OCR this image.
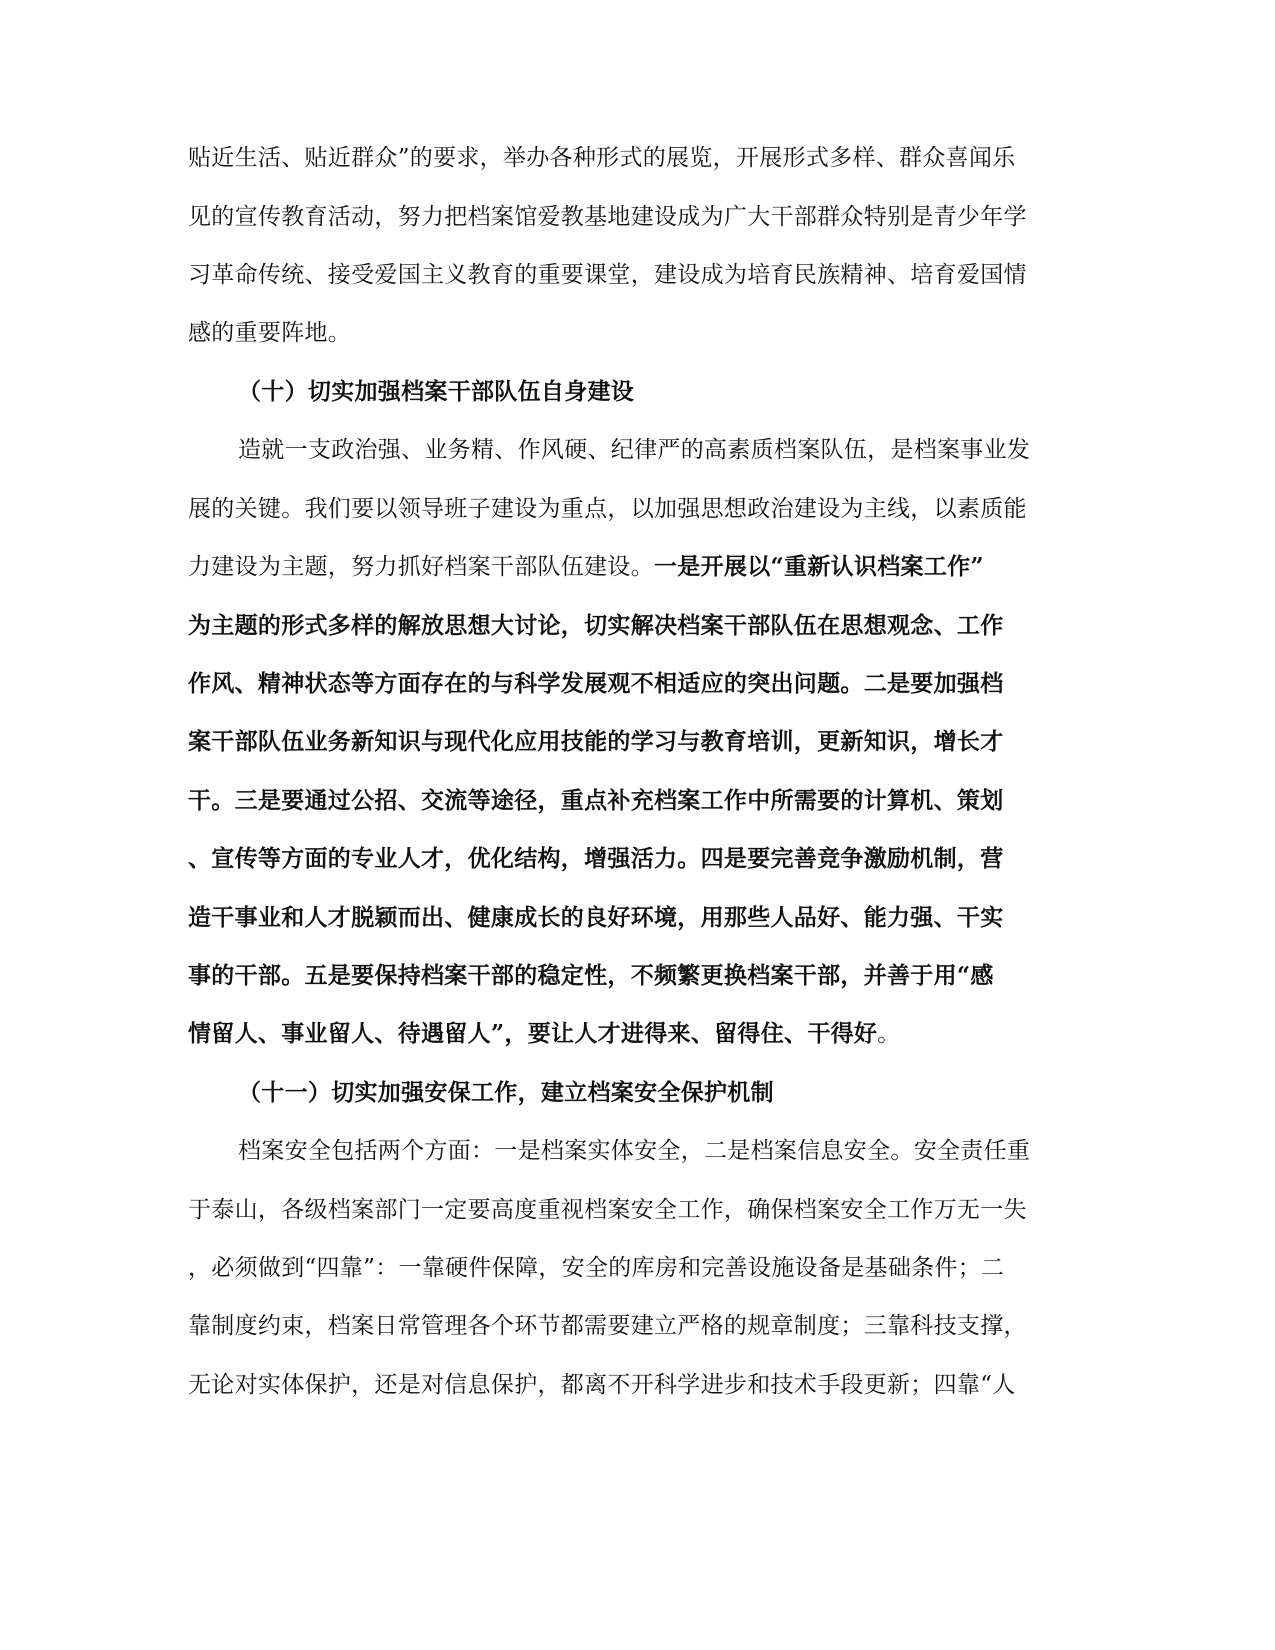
贴近生活、贴近群众”的要求，举办各种形式的展览，开展形式多样、群众喜闻乐
见的宣传教育活动，努力把档案馆爱教基地建设成为广大干部群众特别是青少年学
习革命传统、接受爱国主义教育的重要课堂，建设成为培育民族精神、培育爱国情
感的重要阵地。
（十）切实加强档案干部队伍自身建设
造就一支政治强、业务精、作风硬、纪律严的高素质档案队伍，是档案事业发
展的关键。我们要以领导班子建设为重点，以加强思想政治建设为主线，以素质能
力建设为主题，努力抓好档案干部队伍建设。一是开展以“重新认识档案工作”
为主题的形式多样的解放思想大讨论，切实解决档案干部队伍在思想观念、工作
作风、精神状态等方面存在的与科学发展观不相适应的突出问题。二是要加强档
案干部队伍业务新知识与现代化应用技能的学习与教育培训，更新知识，增长才
干。三是要通过公招、交流等途径，重点补充档案工作中所需要的计算机、策划
、宣传等方面的专业人才，优化结构，增强活力。四是要完善竞争激励机制，营
造干事业和人才脱颖而出、健康成长的良好环境，用那些人品好、能力强、干实
事的干部。五是要保持档案干部的稳定性，不频繁更换档案干部，并善于用“感
情留人、事业留人、待遇留人”，要让人才进得来、留得住、干得好。
（十一）切实加强安保工作，建立档案安全保护机制
档案安全包括两个方面：一是档案实体安全，二是档案信息安全。安全责任重
于泰山，各级档案部门一定要高度重视档案安全工作，确保档案安全工作万无一失
，必须做到“四靠”：一靠硬件保障，安全的库房和完善设施设备是基础条件；二
靠制度约束，档案日常管理各个环节都需要建立严格的规章制度；三靠科技支撑，
无论对实体保护，还是对信息保护，都离不开科学进步和技术手段更新；四靠“人
